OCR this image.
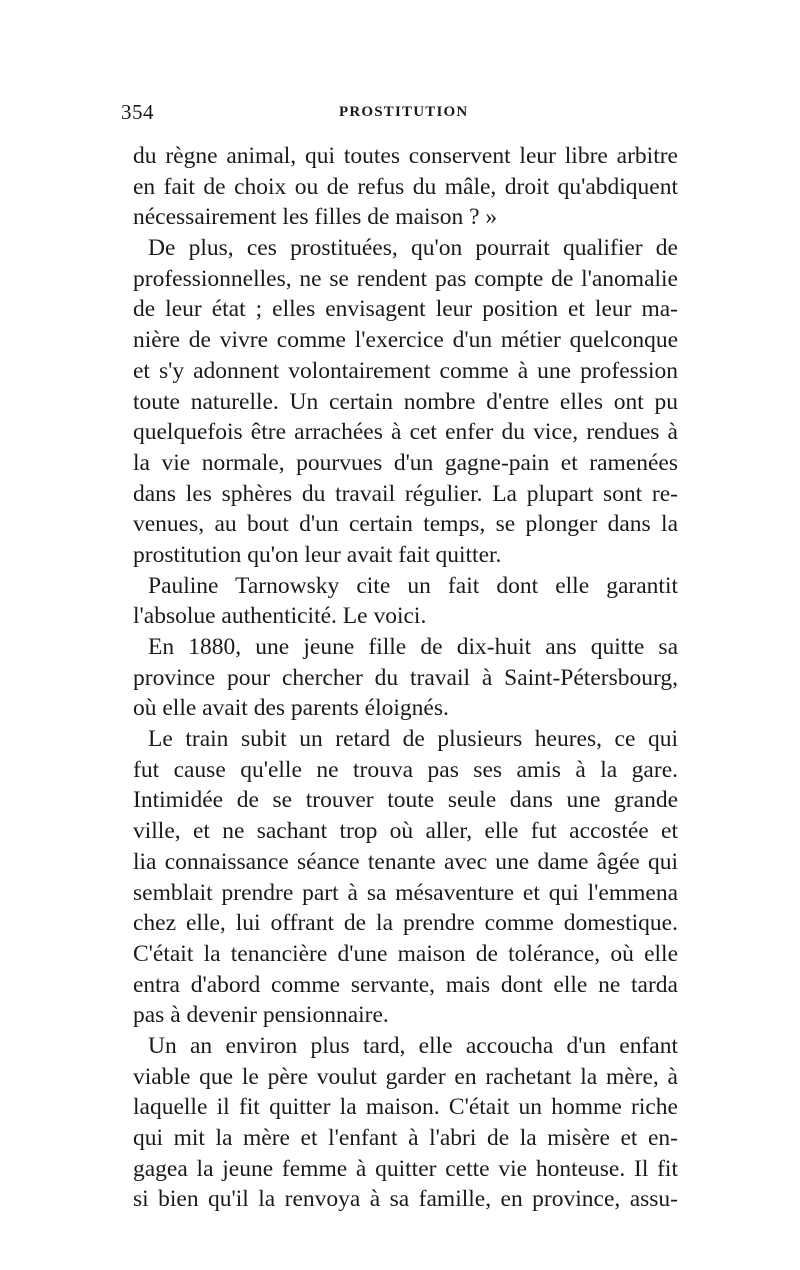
354	PROSTITUTION
du règne animal, qui toutes conservent leur libre arbitre
en fait de choix ou de refus du mâle, droit qu'abdiquent
nécessairement les filles de maison ? »
De plus, ces prostituées, qu'on pourrait qualifier de
professionnelles, ne se rendent pas compte de l'anomalie
de leur état ; elles envisagent leur position et leur ma-
nière de vivre comme l'exercice d'un métier quelconque
et s'y adonnent volontairement comme à une profession
toute naturelle. Un certain nombre d'entre elles ont pu
quelquefois être arrachées à cet enfer du vice, rendues à
la vie normale, pourvues d'un gagne-pain et ramenées
dans les sphères du travail régulier. La plupart sont re-
venues, au bout d'un certain temps, se plonger dans la
prostitution qu'on leur avait fait quitter.
Pauline Tarnowsky cite un fait dont elle garantit
l'absolue authenticité. Le voici.
En 1880, une jeune fille de dix-huit ans quitte sa
province pour chercher du travail à Saint-Pétersbourg,
où elle avait des parents éloignés.
Le train subit un retard de plusieurs heures, ce qui
fut cause qu'elle ne trouva pas ses amis à la gare.
Intimidée de se trouver toute seule dans une grande
ville, et ne sachant trop où aller, elle fut accostée et
lia connaissance séance tenante avec une dame âgée qui
semblait prendre part à sa mésaventure et qui l'emmena
chez elle, lui offrant de la prendre comme domestique.
C'était la tenancière d'une maison de tolérance, où elle
entra d'abord comme servante, mais dont elle ne tarda
pas à devenir pensionnaire.
Un an environ plus tard, elle accoucha d'un enfant
viable que le père voulut garder en rachetant la mère, à
laquelle il fit quitter la maison. C'était un homme riche
qui mit la mère et l'enfant à l'abri de la misère et en-
gagea la jeune femme à quitter cette vie honteuse. Il fit
si bien qu'il la renvoya à sa famille, en province, assu-
